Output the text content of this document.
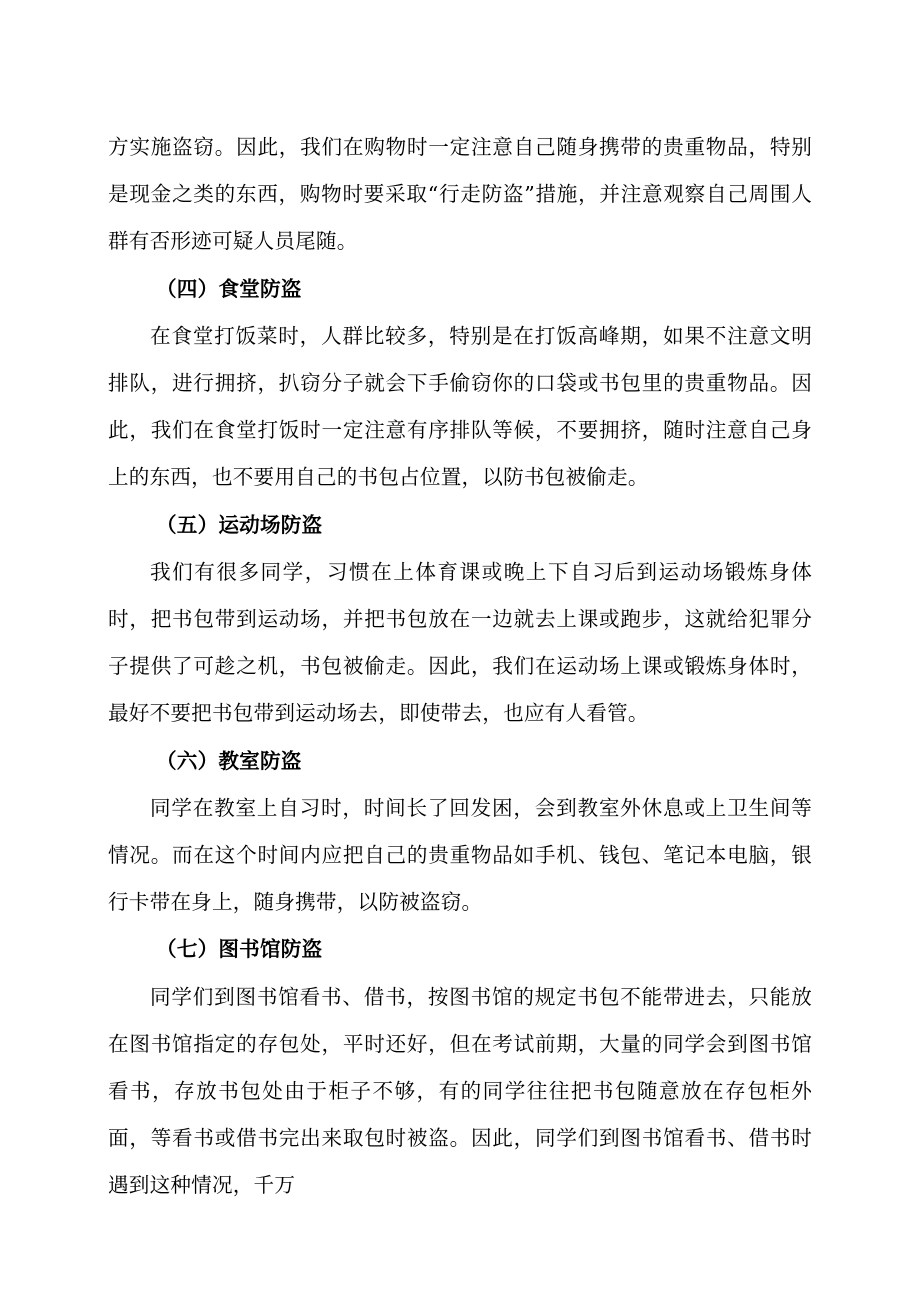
方实施盗窃。因此，我们在购物时一定注意自己随身携带的贵重物品，特别是现金之类的东西，购物时要采取“行走防盗”措施，并注意观察自己周围人群有否形迹可疑人员尾随。

（四）食堂防盗

在食堂打饭菜时，人群比较多，特别是在打饭高峰期，如果不注意文明排队，进行拥挤，扒窃分子就会下手偷窃你的口袋或书包里的贵重物品。因此，我们在食堂打饭时一定注意有序排队等候，不要拥挤，随时注意自己身上的东西，也不要用自己的书包占位置，以防书包被偷走。

（五）运动场防盗

我们有很多同学，习惯在上体育课或晚上下自习后到运动场锻炼身体时，把书包带到运动场，并把书包放在一边就去上课或跑步，这就给犯罪分子提供了可趁之机，书包被偷走。因此，我们在运动场上课或锻炼身体时，最好不要把书包带到运动场去，即使带去，也应有人看管。

（六）教室防盗

同学在教室上自习时，时间长了回发困，会到教室外休息或上卫生间等情况。而在这个时间内应把自己的贵重物品如手机、钱包、笔记本电脑，银行卡带在身上，随身携带，以防被盗窃。

（七）图书馆防盗

同学们到图书馆看书、借书，按图书馆的规定书包不能带进去，只能放在图书馆指定的存包处，平时还好，但在考试前期，大量的同学会到图书馆看书，存放书包处由于柜子不够，有的同学往往把书包随意放在存包柜外面，等看书或借书完出来取包时被盗。因此，同学们到图书馆看书、借书时遇到这种情况，千万
